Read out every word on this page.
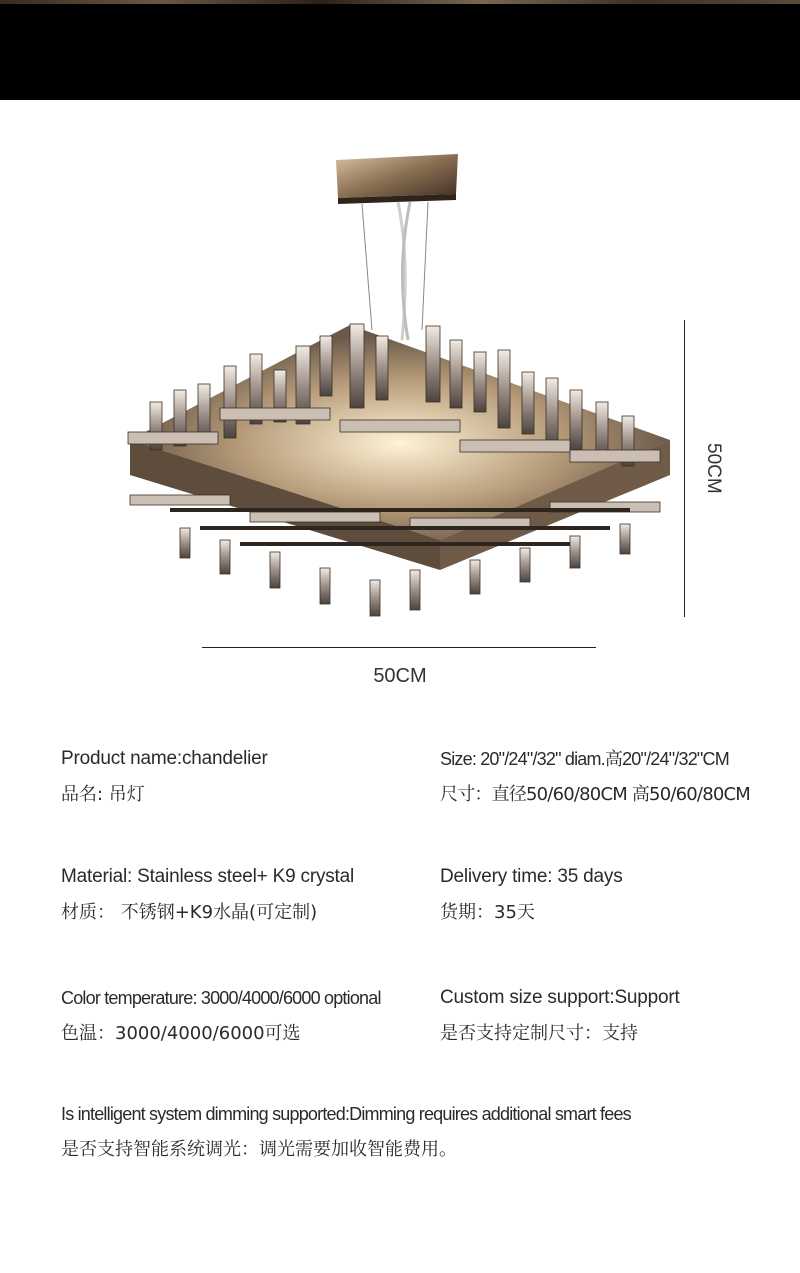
50CM
50CM
Product name:chandelier
品名: 吊灯
Size: 20"/24"/32" diam.高20"/24"/32"CM
尺寸：直径50/60/80CM 高50/60/80CM
Material: Stainless steel+ K9 crystal
材质： 不锈钢+K9水晶(可定制)
Delivery time: 35 days
货期：35天
Color temperature: 3000/4000/6000 optional
色温：3000/4000/6000可选
Custom size support:Support
是否支持定制尺寸：支持
Is intelligent system dimming supported:Dimming requires additional smart fees
是否支持智能系统调光：调光需要加收智能费用。
